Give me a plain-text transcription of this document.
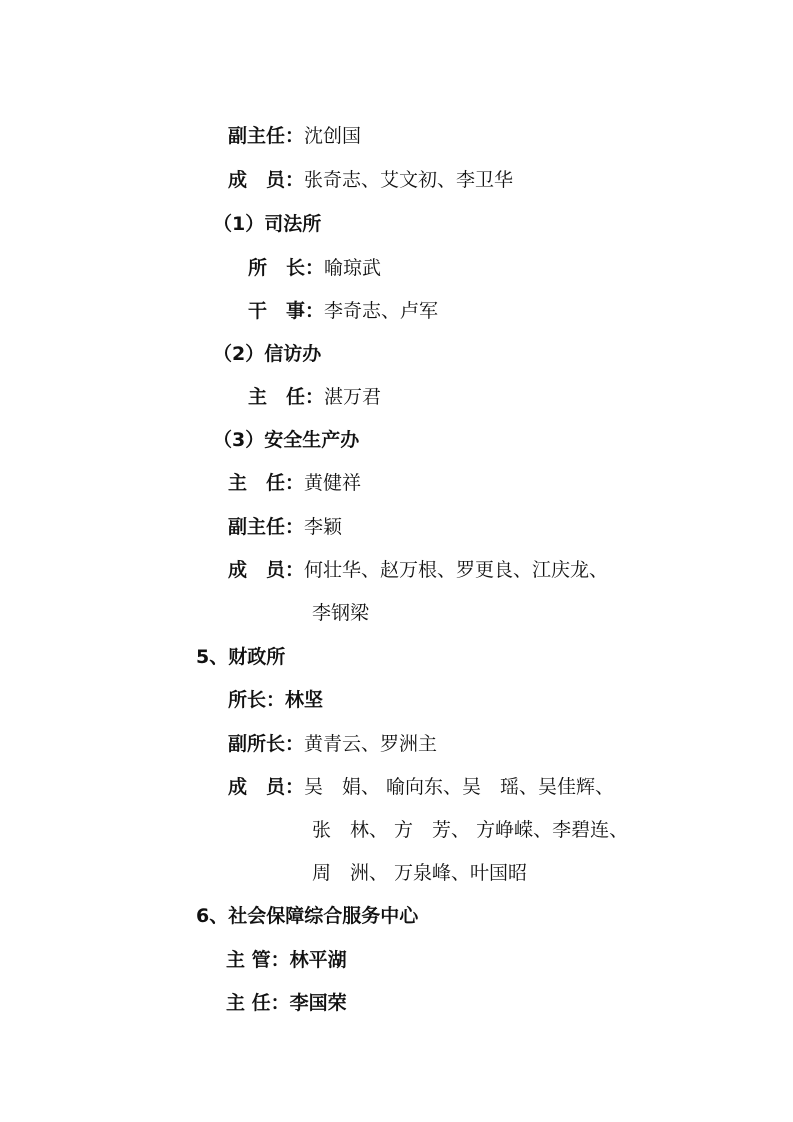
副主任：沈创国
成　员：张奇志、艾文初、李卫华
（1）司法所
所　长：喻琼武
干　事：李奇志、卢军
（2）信访办
主　任：湛万君
（3）安全生产办
主　任：黄健祥
副主任：李颖
成　员：何壮华、赵万根、罗更良、江庆龙、
李钢梁
5、财政所
所长：林坚
副所长：黄青云、罗洲主
成　员：吴　娟、 喻向东、吴　瑶、吴佳辉、
张　林、 方　芳、 方峥嵘、李碧连、
周　洲、 万泉峰、叶国昭
6、社会保障综合服务中心
主 管：林平湖
主 任：李国荣
